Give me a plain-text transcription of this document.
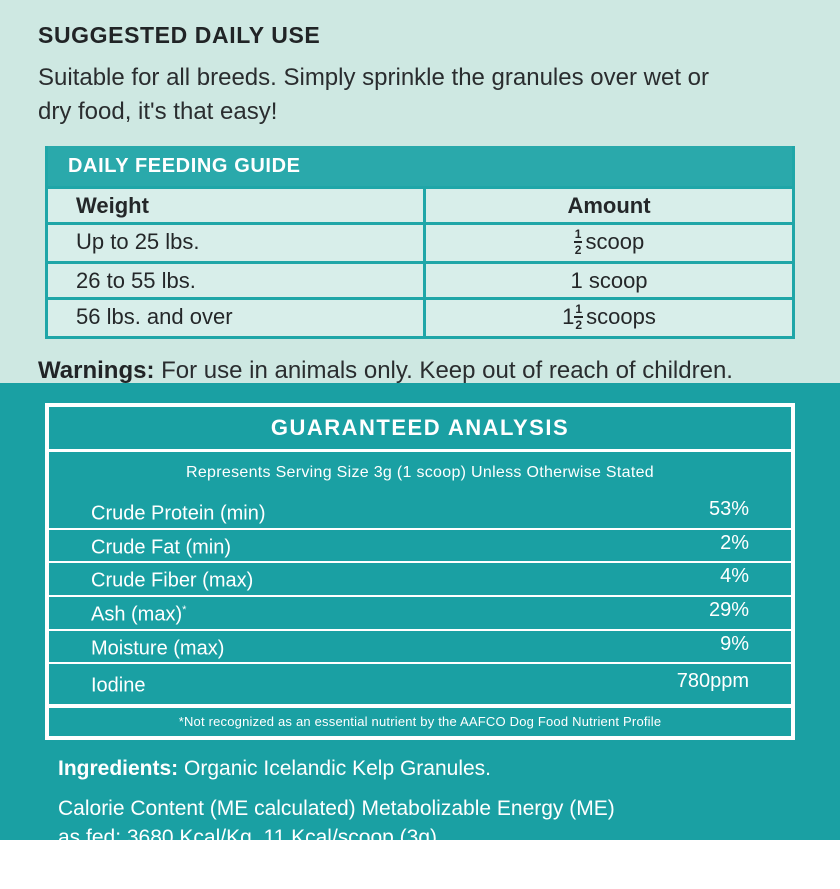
SUGGESTED DAILY USE
Suitable for all breeds. Simply sprinkle the granules over wet or
dry food, it's that easy!
DAILY FEEDING GUIDE
Weight	Amount
Up to 25 lbs.	$\frac{1}{2}$ scoop
26 to 55 lbs.	1 scoop
56 lbs. and over	$1 \frac{1}{2}$ scoops
Warnings: For use in animals only. Keep out of reach of children.
GUARANTEED ANALYSIS
Represents Serving Size 3g (1 scoop) Unless Otherwise Stated
Crude Protein (min)	53%
Crude Fat (min)	2%
Crude Fiber (max)	4%
Ash (max)*	29%
Moisture (max)	9%
Iodine	780ppm
*Not recognized as an essential nutrient by the AAFCO Dog Food Nutrient Profile
Ingredients: Organic Icelandic Kelp Granules.
Calorie Content (ME calculated) Metabolizable Energy (ME)
as fed: 3680 Kcal/Kg, 11 Kcal/scoop (3g)
This product is intended for intermittent or supplemental feeding only.
